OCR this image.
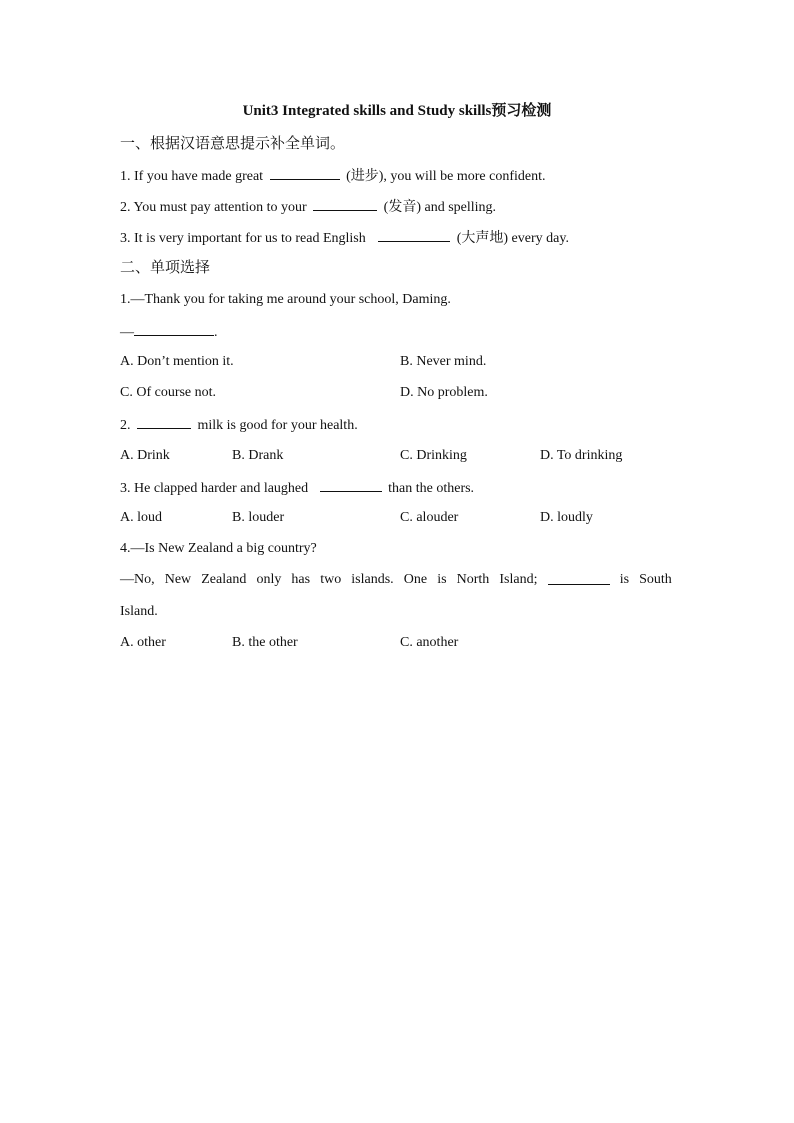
Unit3 Integrated skills and Study skills预习检测
一、根据汉语意思提示补全单词。
1. If you have made great	(进步), you will be more confident.
2. You must pay attention to your	(发音) and spelling.
3. It is very important for us to read English	(大声地) every day.
二、单项选择
1.—Thank you for taking me around your school, Daming.
—	.
A. Don’t mention it.	B. Never mind.
C. Of course not.	D. No problem.
2.	milk is good for your health.
A. Drink	B. Drank	C. Drinking	D. To drinking
3. He clapped harder and laughed	than the others.
A. loud	B. louder	C. alouder	D. loudly
4.—Is New Zealand a big country?
—No, New Zealand only has two islands. One is North Island;	is South
Island.
A. other	B. the other	C. another
